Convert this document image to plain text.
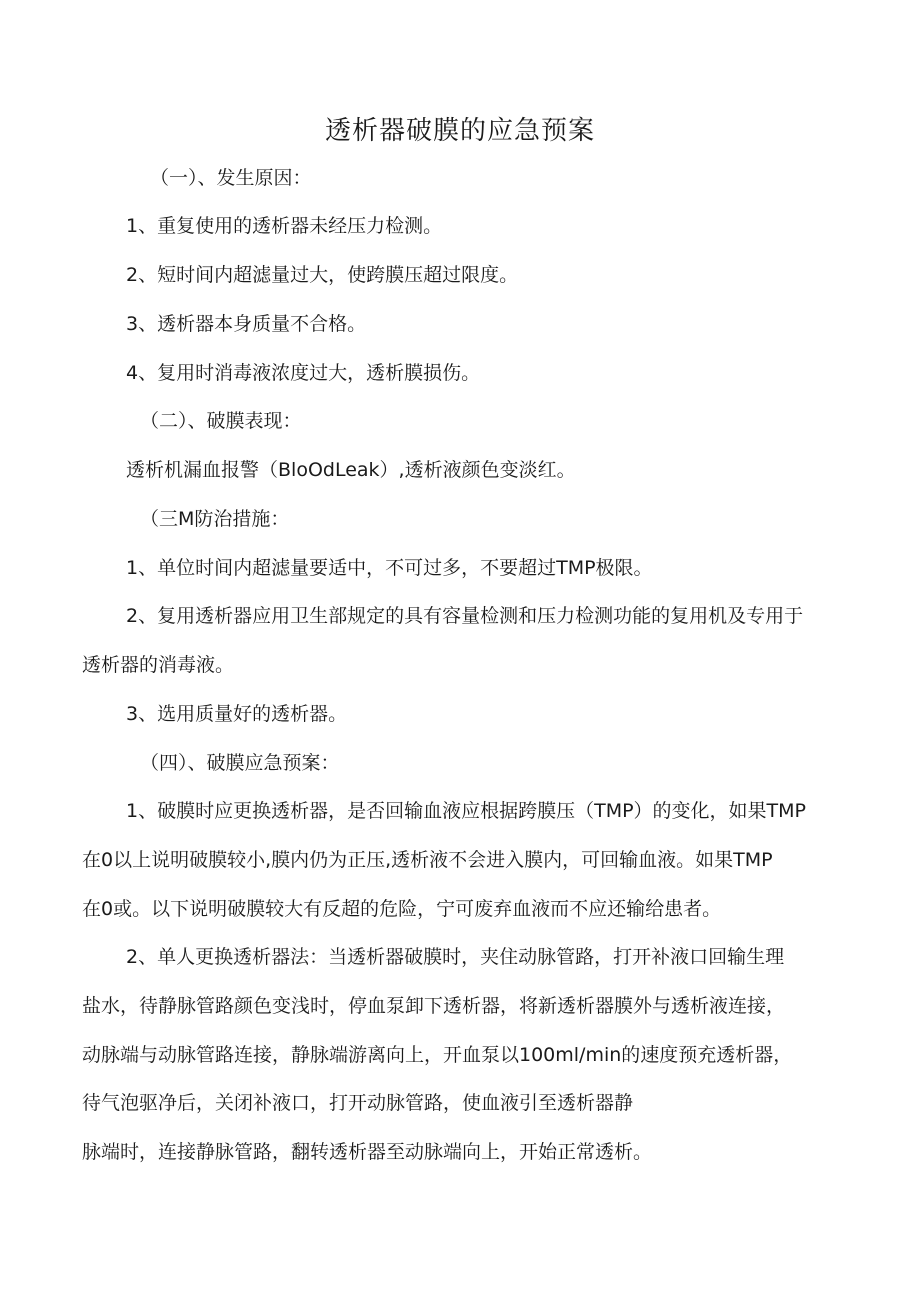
透析器破膜的应急预案
（一）、发生原因：
1、重复使用的透析器未经压力检测。
2、短时间内超滤量过大，使跨膜压超过限度。
3、透析器本身质量不合格。
4、复用时消毒液浓度过大，透析膜损伤。
（二）、破膜表现：
透析机漏血报警（BloOdLeak）,透析液颜色变淡红。
（三M防治措施：
1、单位时间内超滤量要适中，不可过多，不要超过TMP极限。
2、复用透析器应用卫生部规定的具有容量检测和压力检测功能的复用机及专用于
透析器的消毒液。
3、选用质量好的透析器。
（四）、破膜应急预案：
1、破膜时应更换透析器，是否回输血液应根据跨膜压（TMP）的变化，如果TMP
在0以上说明破膜较小,膜内仍为正压,透析液不会进入膜内，可回输血液。如果TMP
在0或。以下说明破膜较大有反超的危险，宁可废弃血液而不应还输给患者。
2、单人更换透析器法：当透析器破膜时，夹住动脉管路，打开补液口回输生理
盐水，待静脉管路颜色变浅时，停血泵卸下透析器，将新透析器膜外与透析液连接，
动脉端与动脉管路连接，静脉端游离向上，开血泵以100ml/min的速度预充透析器，
待气泡驱净后，关闭补液口，打开动脉管路，使血液引至透析器静
脉端时，连接静脉管路，翻转透析器至动脉端向上，开始正常透析。
